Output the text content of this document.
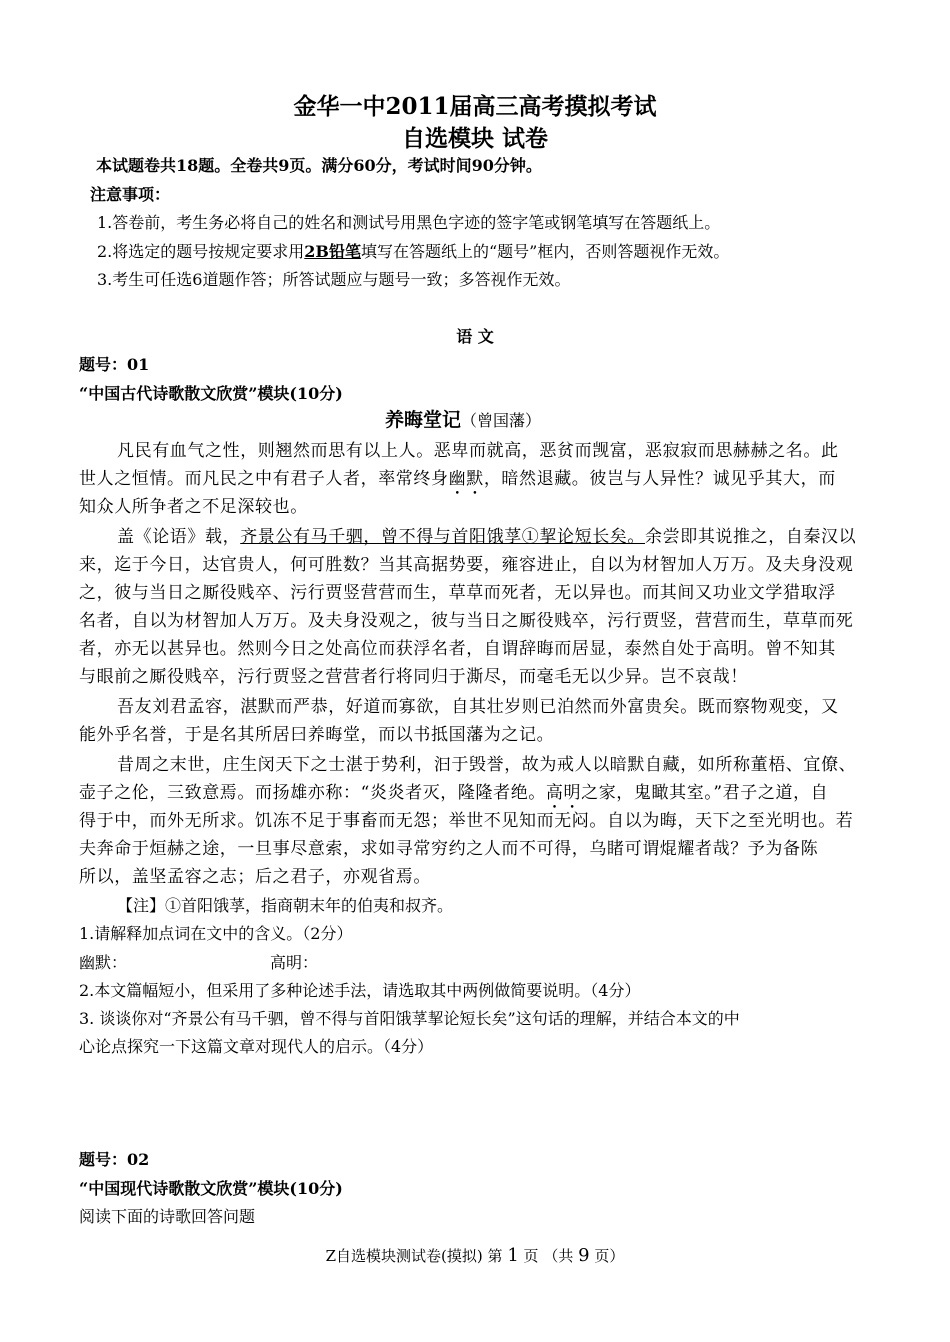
金华一中2011届高三高考摸拟考试
自选模块 试卷
本试题卷共18题。全卷共9页。满分60分，考试时间90分钟。
注意事项：
1.答卷前，考生务必将自己的姓名和测试号用黑色字迹的签字笔或钢笔填写在答题纸上。
2.将选定的题号按规定要求用2B铅笔填写在答题纸上的“题号”框内，否则答题视作无效。
3.考生可任选6道题作答；所答试题应与题号一致；多答视作无效。
语 文
题号：01
“中国古代诗歌散文欣赏”模块(10分)
养晦堂记（曾国藩）
凡民有血气之性，则翘然而思有以上人。恶卑而就高，恶贫而觊富，恶寂寂而思赫赫之名。此
世人之恒情。而凡民之中有君子人者，率常终身幽默，暗然退藏。彼岂与人异性？诚见乎其大，而
知众人所争者之不足深较也。
盖《论语》载，齐景公有马千驷，曾不得与首阳饿莩①挈论短长矣。余尝即其说推之，自秦汉以
来，迄于今日，达官贵人，何可胜数？当其高据势要，雍容进止，自以为材智加人万万。及夫身没观
之，彼与当日之厮役贱卒、污行贾竖营营而生，草草而死者，无以异也。而其间又功业文学猎取浮
名者，自以为材智加人万万。及夫身没观之，彼与当日之厮役贱卒，污行贾竖，营营而生，草草而死
者，亦无以甚异也。然则今日之处高位而获浮名者，自谓辞晦而居显，泰然自处于高明。曾不知其
与眼前之厮役贱卒，污行贾竖之营营者行将同归于澌尽，而毫毛无以少异。岂不哀哉！
吾友刘君孟容，湛默而严恭，好道而寡欲，自其壮岁则已泊然而外富贵矣。既而察物观变，又
能外乎名誉，于是名其所居曰养晦堂，而以书抵国藩为之记。
昔周之末世，庄生闵天下之士湛于势利，汩于毁誉，故为戒人以暗默自藏，如所称董梧、宜僚、
壶子之伦，三致意焉。而扬雄亦称：“炎炎者灭，隆隆者绝。高明之家，鬼瞰其室。”君子之道，自
得于中，而外无所求。饥冻不足于事畜而无怨；举世不见知而无闷。自以为晦，天下之至光明也。若
夫奔命于烜赫之途，一旦事尽意索，求如寻常穷约之人而不可得，乌睹可谓焜耀者哉？予为备陈
所以，盖坚孟容之志；后之君子，亦观省焉。
【注】①首阳饿莩，指商朝末年的伯夷和叔齐。
1.请解释加点词在文中的含义。（2分）
幽默：	高明：
2.本文篇幅短小，但采用了多种论述手法，请选取其中两例做简要说明。（4分）
3. 谈谈你对“齐景公有马千驷，曾不得与首阳饿莩挈论短长矣”这句话的理解，并结合本文的中
心论点探究一下这篇文章对现代人的启示。（4分）
题号：02
“中国现代诗歌散文欣赏”模块(10分)
阅读下面的诗歌回答问题
Z自选模块测试卷(摸拟) 第 1 页 （共 9 页）
